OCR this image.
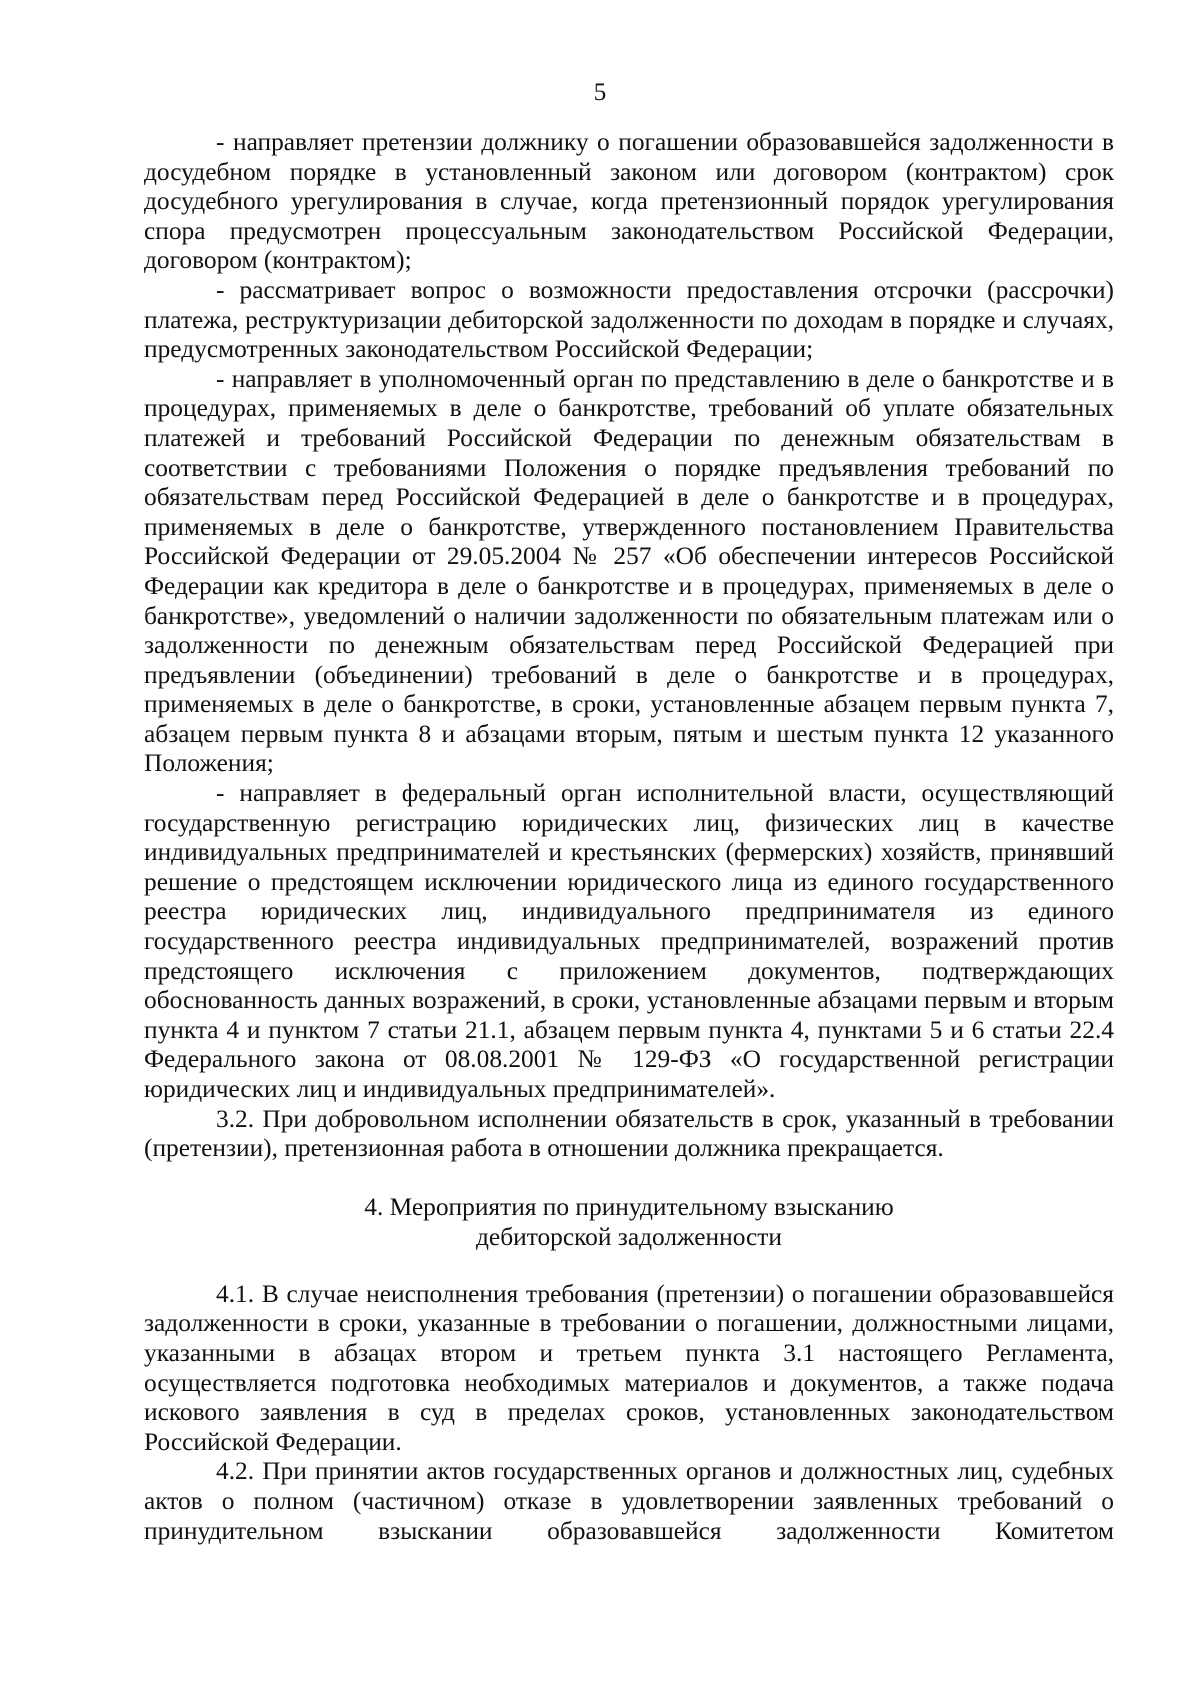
5

- направляет претензии должнику о погашении образовавшейся задолженности в досудебном порядке в установленный законом или договором (контрактом) срок досудебного урегулирования в случае, когда претензионный порядок урегулирования спора предусмотрен процессуальным законодательством Российской Федерации, договором (контрактом);

- рассматривает вопрос о возможности предоставления отсрочки (рассрочки) платежа, реструктуризации дебиторской задолженности по доходам в порядке и случаях, предусмотренных законодательством Российской Федерации;

- направляет в уполномоченный орган по представлению в деле о банкротстве и в процедурах, применяемых в деле о банкротстве, требований об уплате обязательных платежей и требований Российской Федерации по денежным обязательствам в соответствии с требованиями Положения о порядке предъявления требований по обязательствам перед Российской Федерацией в деле о банкротстве и в процедурах, применяемых в деле о банкротстве, утвержденного постановлением Правительства Российской Федерации от 29.05.2004 № 257 «Об обеспечении интересов Российской Федерации как кредитора в деле о банкротстве и в процедурах, применяемых в деле о банкротстве», уведомлений о наличии задолженности по обязательным платежам или о задолженности по денежным обязательствам перед Российской Федерацией при предъявлении (объединении) требований в деле о банкротстве и в процедурах, применяемых в деле о банкротстве, в сроки, установленные абзацем первым пункта 7, абзацем первым пункта 8 и абзацами вторым, пятым и шестым пункта 12 указанного Положения;

- направляет в федеральный орган исполнительной власти, осуществляющий государственную регистрацию юридических лиц, физических лиц в качестве индивидуальных предпринимателей и крестьянских (фермерских) хозяйств, принявший решение о предстоящем исключении юридического лица из единого государственного реестра юридических лиц, индивидуального предпринимателя из единого государственного реестра индивидуальных предпринимателей, возражений против предстоящего исключения с приложением документов, подтверждающих обоснованность данных возражений, в сроки, установленные абзацами первым и вторым пункта 4 и пунктом 7 статьи 21.1, абзацем первым пункта 4, пунктами 5 и 6 статьи 22.4 Федерального закона от 08.08.2001 № 129-ФЗ «О государственной регистрации юридических лиц и индивидуальных предпринимателей».

3.2. При добровольном исполнении обязательств в срок, указанный в требовании (претензии), претензионная работа в отношении должника прекращается.

4. Мероприятия по принудительному взысканию
дебиторской задолженности

4.1. В случае неисполнения требования (претензии) о погашении образовавшейся задолженности в сроки, указанные в требовании о погашении, должностными лицами, указанными в абзацах втором и третьем пункта 3.1 настоящего Регламента, осуществляется подготовка необходимых материалов и документов, а также подача искового заявления в суд в пределах сроков, установленных законодательством Российской Федерации.

4.2. При принятии актов государственных органов и должностных лиц, судебных актов о полном (частичном) отказе в удовлетворении заявленных требований о принудительном взыскании образовавшейся задолженности Комитетом
